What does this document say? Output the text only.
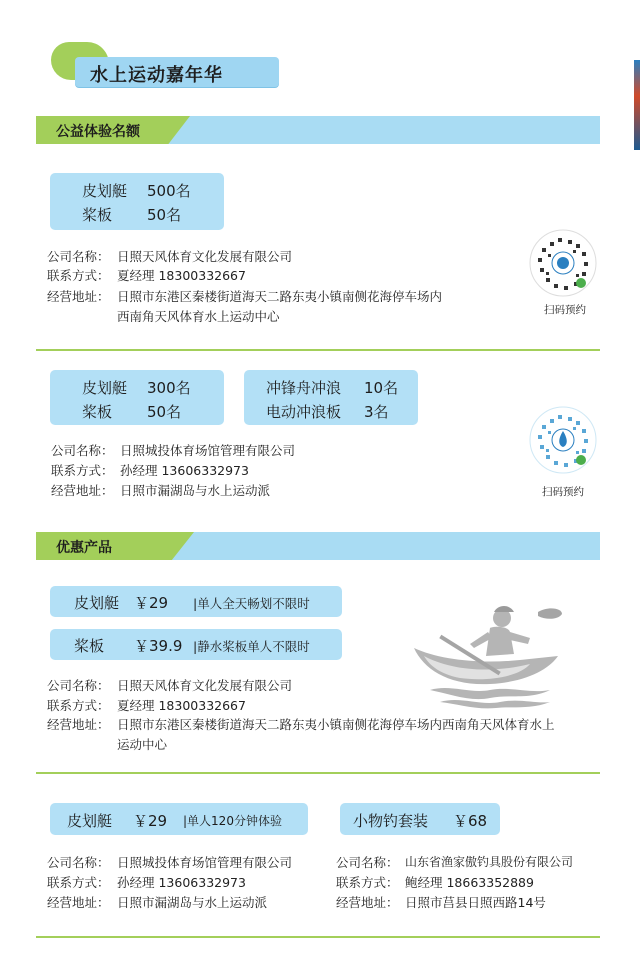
水上运动嘉年华
公益体验名额
皮划艇 500名
桨板 50名
公司名称： 日照天风体育文化发展有限公司
联系方式： 夏经理 18300332667
经营地址： 日照市东港区秦楼街道海天二路东夷小镇南侧花海停车场内
西南角天风体育水上运动中心	扫码预约
皮划艇 300名
桨板 50名
冲锋舟冲浪 10名
电动冲浪板 3名
公司名称： 日照城投体育场馆管理有限公司
联系方式： 孙经理 13606332973
经营地址： 日照市漏湖岛与水上运动派	扫码预约
优惠产品
皮划艇 ￥29 |单人全天畅划不限时
桨板 ￥39.9 |静水桨板单人不限时
公司名称： 日照天风体育文化发展有限公司
联系方式： 夏经理 18300332667
经营地址： 日照市东港区秦楼街道海天二路东夷小镇南侧花海停车场内西南角天风体育水上
运动中心
皮划艇 ￥29 |单人120分钟体验
公司名称： 日照城投体育场馆管理有限公司
联系方式： 孙经理 13606332973
经营地址： 日照市漏湖岛与水上运动派
小物钓套装 ￥68
公司名称： 山东省渔家傲钓具股份有限公司
联系方式： 鲍经理 18663352889
经营地址： 日照市莒县日照西路14号
